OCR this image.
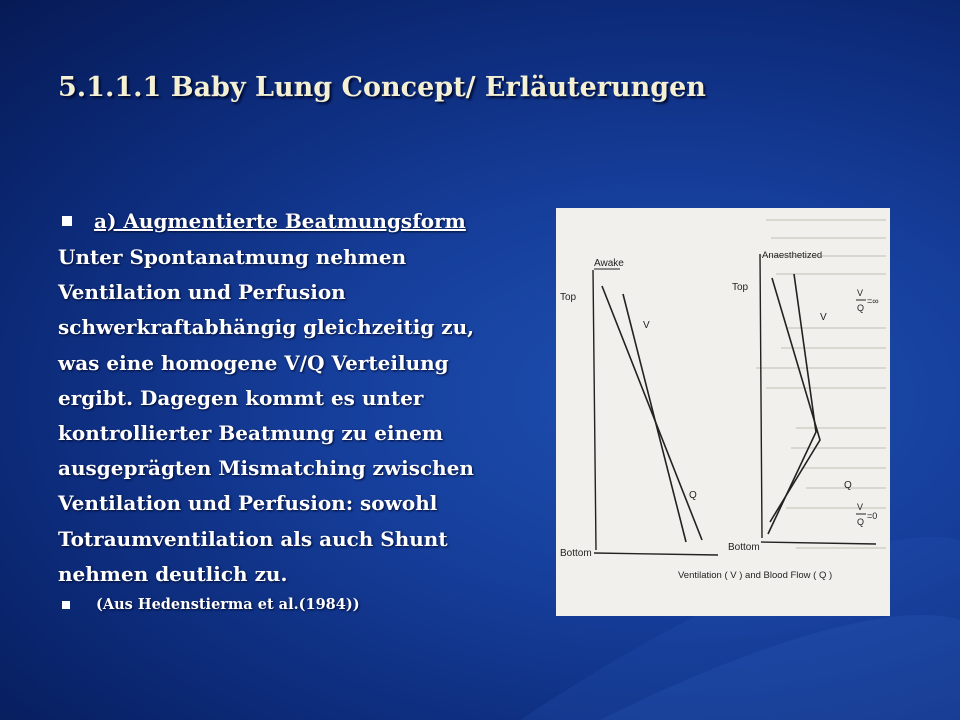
5.1.1.1 Baby Lung Concept/ Erläuterungen
a) Augmentierte Beatmungsform
Unter Spontanatmung nehmen
Ventilation und Perfusion
schwerkraftabhängig gleichzeitig zu,
was eine homogene V/Q Verteilung
ergibt. Dagegen kommt es unter
kontrollierter Beatmung zu einem
ausgeprägten Mismatching zwischen
Ventilation und Perfusion: sowohl
Totraumventilation als auch Shunt
nehmen deutlich zu.
(Aus Hedenstierma et al.(1984))
Awake
Top
Bottom
V
Q
Anaesthetized
Top
Bottom
V
Q
V
Q
=∞
V
Q
=0
Ventilation ( V ) and Blood Flow ( Q )
